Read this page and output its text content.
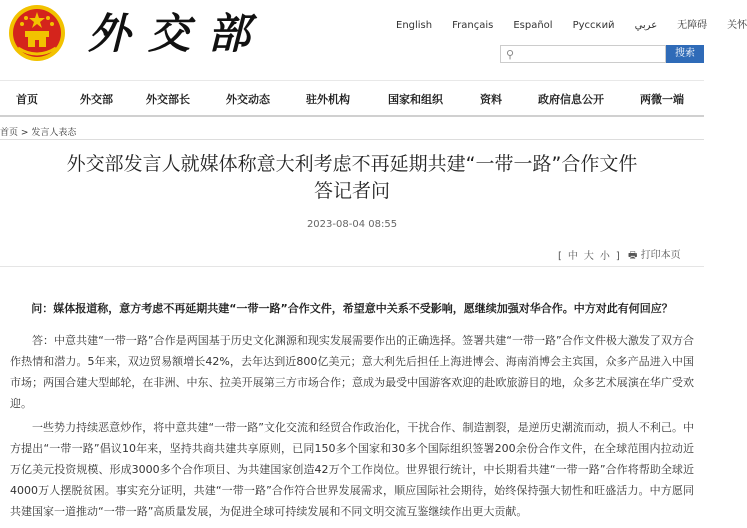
外交部	English Français Español Русский عربي 无障碍 关怀
⚲	搜索
首页	外交部	外交部长	外交动态	驻外机构	国家和组织	资料	政府信息公开	两微一端
首页 > 发言人表态
外交部发言人就媒体称意大利考虑不再延期共建“一带一路”合作文件
答记者问
2023-08-04 08:55
[ 中 大 小 ] 🖶 打印本页
问：媒体报道称，意方考虑不再延期共建“一带一路”合作文件，希望意中关系不受影响，愿继续加强对华合作。中方对此有何回应？
答：中意共建“一带一路”合作是两国基于历史文化渊源和现实发展需要作出的正确选择。签署共建“一带一路”合作文件极大激发了双方合作热情和潜力。5年来，双边贸易额增长42%，去年达到近800亿美元；意大利先后担任上海进博会、海南消博会主宾国，众多产品进入中国市场；两国合建大型邮轮，在非洲、中东、拉美开展第三方市场合作；意成为最受中国游客欢迎的赴欧旅游目的地，众多艺术展演在华广受欢迎。
一些势力持续恶意炒作，将中意共建“一带一路”文化交流和经贸合作政治化，干扰合作、制造割裂，是逆历史潮流而动，损人不利己。中方提出“一带一路”倡议10年来，坚持共商共建共享原则，已同150多个国家和30多个国际组织签署200余份合作文件，在全球范围内拉动近万亿美元投资规模、形成3000多个合作项目、为共建国家创造42万个工作岗位。世界银行统计，中长期看共建“一带一路”合作将帮助全球近4000万人摆脱贫困。事实充分证明，共建“一带一路”合作符合世界发展需求，顺应国际社会期待，始终保持强大韧性和旺盛活力。中方愿同共建国家一道推动“一带一路”高质量发展，为促进全球可持续发展和不同文明交流互鉴继续作出更大贡献。
